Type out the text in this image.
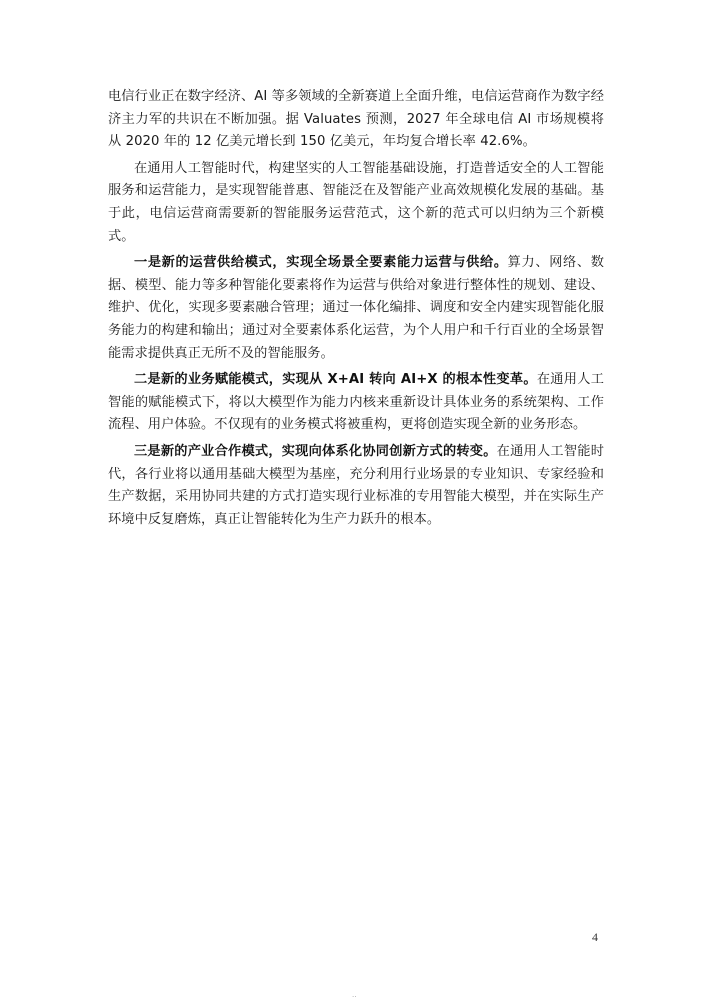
电信行业正在数字经济、AI 等多领域的全新赛道上全面升维，电信运营商作为数字经济主力军的共识在不断加强。据 Valuates 预测，2027 年全球电信 AI 市场规模将从 2020 年的 12 亿美元增长到 150 亿美元，年均复合增长率 42.6%。

在通用人工智能时代，构建坚实的人工智能基础设施，打造普适安全的人工智能服务和运营能力，是实现智能普惠、智能泛在及智能产业高效规模化发展的基础。基于此，电信运营商需要新的智能服务运营范式，这个新的范式可以归纳为三个新模式。

一是新的运营供给模式，实现全场景全要素能力运营与供给。算力、网络、数据、模型、能力等多种智能化要素将作为运营与供给对象进行整体性的规划、建设、维护、优化，实现多要素融合管理；通过一体化编排、调度和安全内建实现智能化服务能力的构建和输出；通过对全要素体系化运营，为个人用户和千行百业的全场景智能需求提供真正无所不及的智能服务。

二是新的业务赋能模式，实现从 X+AI 转向 AI+X 的根本性变革。在通用人工智能的赋能模式下，将以大模型作为能力内核来重新设计具体业务的系统架构、工作流程、用户体验。不仅现有的业务模式将被重构，更将创造实现全新的业务形态。

三是新的产业合作模式，实现向体系化协同创新方式的转变。在通用人工智能时代，各行业将以通用基础大模型为基座，充分利用行业场景的专业知识、专家经验和生产数据，采用协同共建的方式打造实现行业标准的专用智能大模型，并在实际生产环境中反复磨炼，真正让智能转化为生产力跃升的根本。

4
··
